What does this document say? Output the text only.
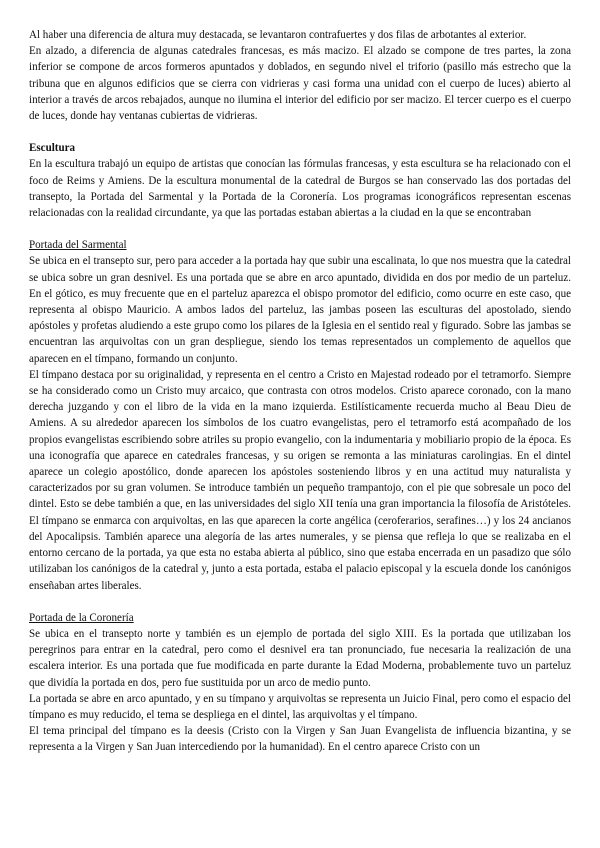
Al haber una diferencia de altura muy destacada, se levantaron contrafuertes y dos filas de arbotantes al exterior.

En alzado, a diferencia de algunas catedrales francesas, es más macizo. El alzado se compone de tres partes, la zona inferior se compone de arcos formeros apuntados y doblados, en segundo nivel el triforio (pasillo más estrecho que la tribuna que en algunos edificios que se cierra con vidrieras y casi forma una unidad con el cuerpo de luces) abierto al interior a través de arcos rebajados, aunque no ilumina el interior del edificio por ser macizo. El tercer cuerpo es el cuerpo de luces, donde hay ventanas cubiertas de vidrieras.

Escultura

En la escultura trabajó un equipo de artistas que conocían las fórmulas francesas, y esta escultura se ha relacionado con el foco de Reims y Amiens. De la escultura monumental de la catedral de Burgos se han conservado las dos portadas del transepto, la Portada del Sarmental y la Portada de la Coronería. Los programas iconográficos representan escenas relacionadas con la realidad circundante, ya que las portadas estaban abiertas a la ciudad en la que se encontraban

Portada del Sarmental

Se ubica en el transepto sur, pero para acceder a la portada hay que subir una escalinata, lo que nos muestra que la catedral se ubica sobre un gran desnivel. Es una portada que se abre en arco apuntado, dividida en dos por medio de un parteluz. En el gótico, es muy frecuente que en el parteluz aparezca el obispo promotor del edificio, como ocurre en este caso, que representa al obispo Mauricio. A ambos lados del parteluz, las jambas poseen las esculturas del apostolado, siendo apóstoles y profetas aludiendo a este grupo como los pilares de la Iglesia en el sentido real y figurado. Sobre las jambas se encuentran las arquivoltas con un gran despliegue, siendo los temas representados un complemento de aquellos que aparecen en el tímpano, formando un conjunto.

El tímpano destaca por su originalidad, y representa en el centro a Cristo en Majestad rodeado por el tetramorfo. Siempre se ha considerado como un Cristo muy arcaico, que contrasta con otros modelos. Cristo aparece coronado, con la mano derecha juzgando y con el libro de la vida en la mano izquierda. Estilísticamente recuerda mucho al Beau Dieu de Amiens. A su alrededor aparecen los símbolos de los cuatro evangelistas, pero el tetramorfo está acompañado de los propios evangelistas escribiendo sobre atriles su propio evangelio, con la indumentaria y mobiliario propio de la época. Es una iconografía que aparece en catedrales francesas, y su origen se remonta a las miniaturas carolingias. En el dintel aparece un colegio apostólico, donde aparecen los apóstoles sosteniendo libros y en una actitud muy naturalista y caracterizados por su gran volumen. Se introduce también un pequeño trampantojo, con el pie que sobresale un poco del dintel. Esto se debe también a que, en las universidades del siglo XII tenía una gran importancia la filosofía de Aristóteles. El tímpano se enmarca con arquivoltas, en las que aparecen la corte angélica (ceroferarios, serafines…) y los 24 ancianos del Apocalipsis. También aparece una alegoría de las artes numerales, y se piensa que refleja lo que se realizaba en el entorno cercano de la portada, ya que esta no estaba abierta al público, sino que estaba encerrada en un pasadizo que sólo utilizaban los canónigos de la catedral y, junto a esta portada, estaba el palacio episcopal y la escuela donde los canónigos enseñaban artes liberales.

Portada de la Coronería

Se ubica en el transepto norte y también es un ejemplo de portada del siglo XIII. Es la portada que utilizaban los peregrinos para entrar en la catedral, pero como el desnivel era tan pronunciado, fue necesaria la realización de una escalera interior. Es una portada que fue modificada en parte durante la Edad Moderna, probablemente tuvo un parteluz que dividía la portada en dos, pero fue sustituida por un arco de medio punto.

La portada se abre en arco apuntado, y en su tímpano y arquivoltas se representa un Juicio Final, pero como el espacio del tímpano es muy reducido, el tema se despliega en el dintel, las arquivoltas y el tímpano.

El tema principal del tímpano es la deesis (Cristo con la Virgen y San Juan Evangelista de influencia bizantina, y se representa a la Virgen y San Juan intercediendo por la humanidad). En el centro aparece Cristo con un
